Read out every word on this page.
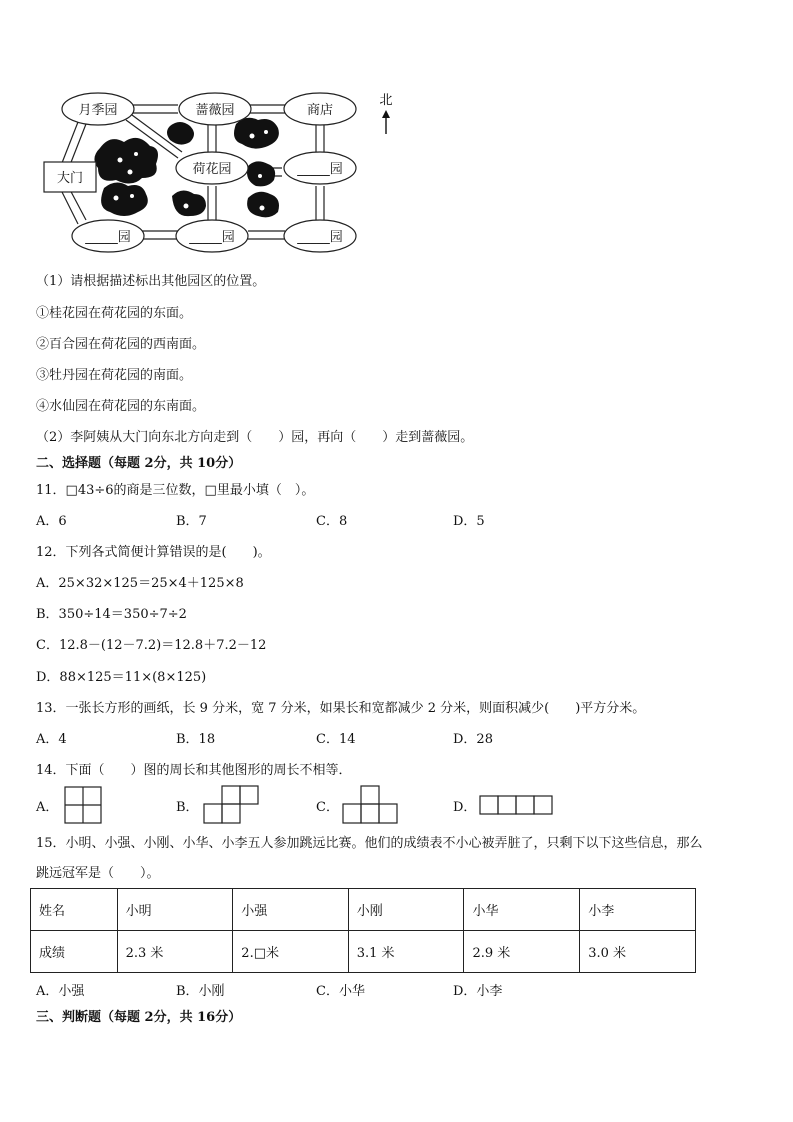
大门
月季园	蔷薇园	商店
荷花园	_____园
_____园	_____园	_____园
北
（1）请根据描述标出其他园区的位置。
①桂花园在荷花园的东面。
②百合园在荷花园的西南面。
③牡丹园在荷花园的南面。
④水仙园在荷花园的东南面。
（2）李阿姨从大门向东北方向走到（　　）园，再向（　　）走到蔷薇园。
二、选择题（每题 2分，共 10分）
11．□43÷6的商是三位数，□里最小填（　）。
A．6	B．7	C．8	D．5
12．下列各式简便计算错误的是(　　)。
A．25×32×125＝25×4＋125×8
B．350÷14＝350÷7÷2
C．12.8－(12－7.2)＝12.8＋7.2－12
D．88×125＝11×(8×125)
13．一张长方形的画纸，长 9 分米，宽 7 分米，如果长和宽都减少 2 分米，则面积减少(　　)平方分米。
A．4	B．18	C．14	D．28
14．下面（　　）图的周长和其他图形的周长不相等．
A．	B．	C．	D．
15．小明、小强、小刚、小华、小李五人参加跳远比赛。他们的成绩表不小心被弄脏了，只剩下以下这些信息，那么
跳远冠军是（　　）。
姓名	小明	小强	小刚	小华	小李
成绩	2.3 米	2.□米	3.1 米	2.9 米	3.0 米
A．小强	B．小刚	C．小华	D．小李
三、判断题（每题 2分，共 16分）
